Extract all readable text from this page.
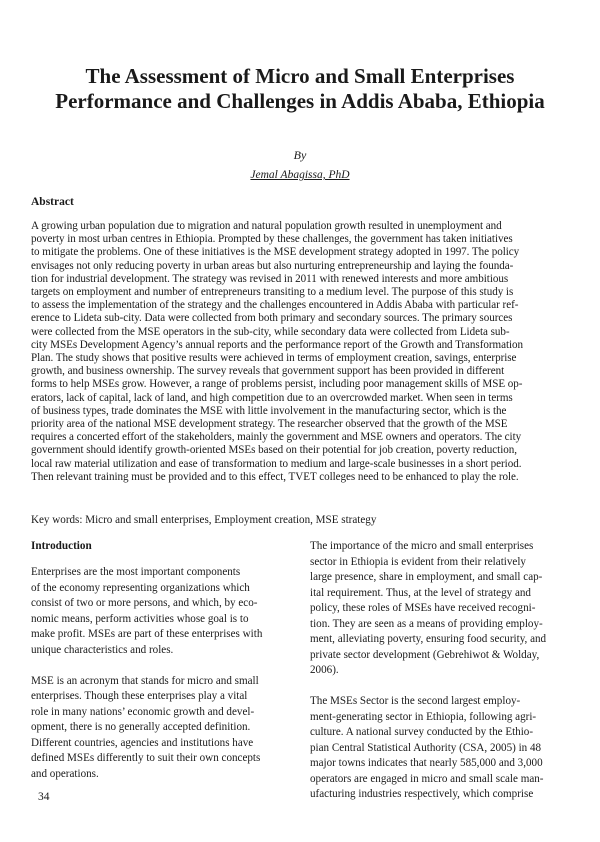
The Assessment of Micro and Small Enterprises Performance and Challenges in Addis Ababa, Ethiopia
By
Jemal Abagissa, PhD
Abstract
A growing urban population due to migration and natural population growth resulted in unemployment and
poverty in most urban centres in Ethiopia. Prompted by these challenges, the government has taken initiatives
to mitigate the problems. One of these initiatives is the MSE development strategy adopted in 1997. The policy
envisages not only reducing poverty in urban areas but also nurturing entrepreneurship and laying the founda-
tion for industrial development. The strategy was revised in 2011 with renewed interests and more ambitious
targets on employment and number of entrepreneurs transiting to a medium level. The purpose of this study is
to assess the implementation of the strategy and the challenges encountered in Addis Ababa with particular ref-
erence to Lideta sub-city. Data were collected from both primary and secondary sources. The primary sources
were collected from the MSE operators in the sub-city, while secondary data were collected from Lideta sub-
city MSEs Development Agency’s annual reports and the performance report of the Growth and Transformation
Plan. The study shows that positive results were achieved in terms of employment creation, savings, enterprise
growth, and business ownership. The survey reveals that government support has been provided in different
forms to help MSEs grow. However, a range of problems persist, including poor management skills of MSE op-
erators, lack of capital, lack of land, and high competition due to an overcrowded market. When seen in terms
of business types, trade dominates the MSE with little involvement in the manufacturing sector, which is the
priority area of the national MSE development strategy. The researcher observed that the growth of the MSE
requires a concerted effort of the stakeholders, mainly the government and MSE owners and operators. The city
government should identify growth-oriented MSEs based on their potential for job creation, poverty reduction,
local raw material utilization and ease of transformation to medium and large-scale businesses in a short period.
Then relevant training must be provided and to this effect, TVET colleges need to be enhanced to play the role.
Key words: Micro and small enterprises, Employment creation, MSE strategy
Introduction
Enterprises are the most important components
of the economy representing organizations which
consist of two or more persons, and which, by eco-
nomic means, perform activities whose goal is to
make profit. MSEs are part of these enterprises with
unique characteristics and roles.
MSE is an acronym that stands for micro and small
enterprises. Though these enterprises play a vital
role in many nations’ economic growth and devel-
opment, there is no generally accepted definition.
Different countries, agencies and institutions have
defined MSEs differently to suit their own concepts
and operations.
The importance of the micro and small enterprises
sector in Ethiopia is evident from their relatively
large presence, share in employment, and small cap-
ital requirement. Thus, at the level of strategy and
policy, these roles of MSEs have received recogni-
tion. They are seen as a means of providing employ-
ment, alleviating poverty, ensuring food security, and
private sector development (Gebrehiwot & Wolday,
2006).
The MSEs Sector is the second largest employ-
ment-generating sector in Ethiopia, following agri-
culture. A national survey conducted by the Ethio-
pian Central Statistical Authority (CSA, 2005) in 48
major towns indicates that nearly 585,000 and 3,000
operators are engaged in micro and small scale man-
ufacturing industries respectively, which comprise
34
